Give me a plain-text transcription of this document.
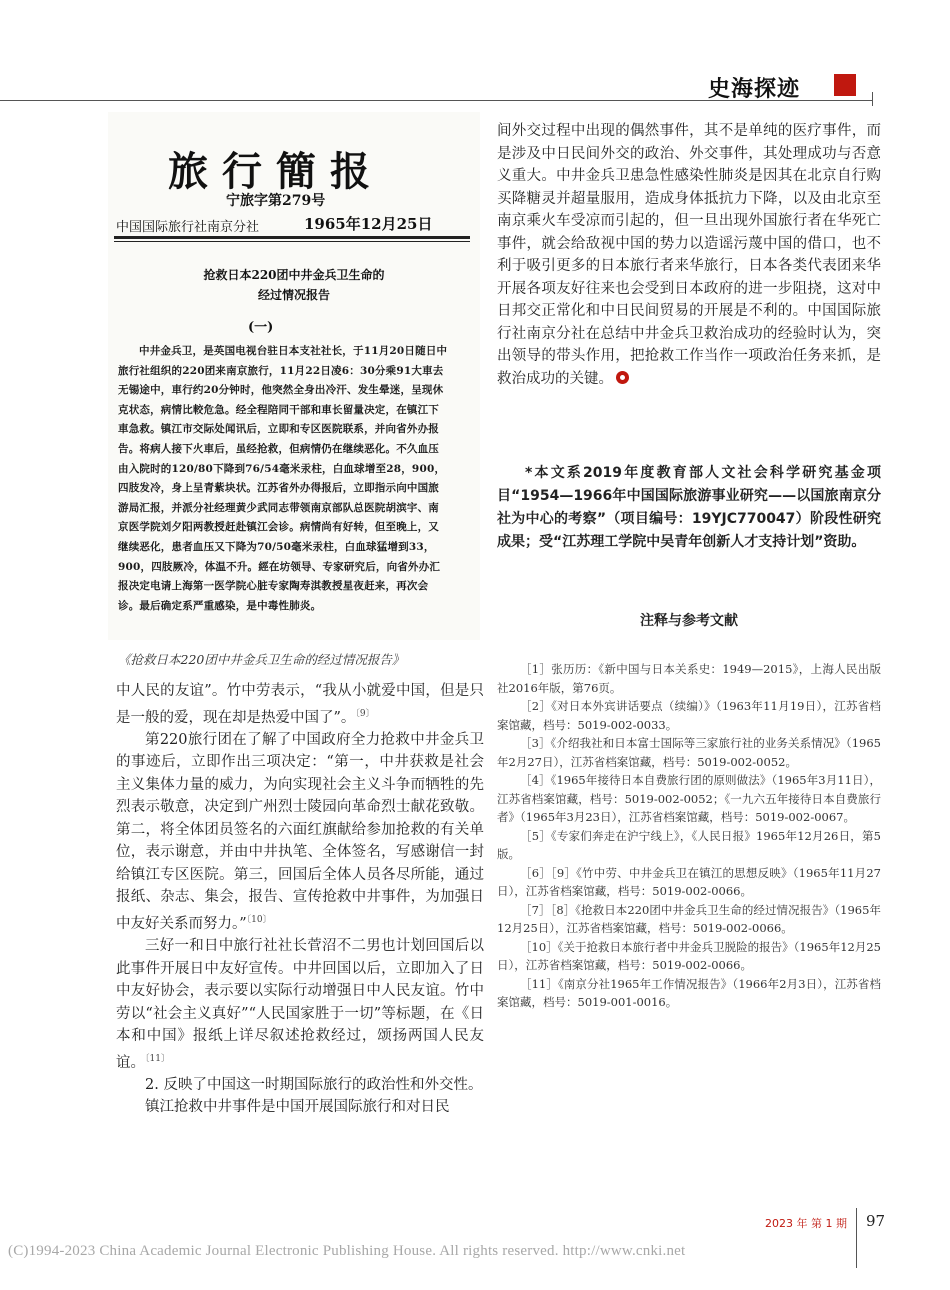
史海探迹
旅行簡报
宁旅字第279号
中国国际旅行社南京分社	1965年12月25日
抢救日本220团中井金兵卫生命的
经过情况报告
(一)
中井金兵卫，是英国电视台驻日本支社社长，于11月20日随日中旅行社组织的220团来南京旅行，11月22日凌6：30分乘91大車去无锡途中，車行约20分钟时，他突然全身出冷汗、发生晕迷，呈现休克状态，病情比較危急。经全程陪同干部和車长留量决定，在镇江下車急救。镇江市交际处闻讯后，立即和专区医院联系，并向省外办报告。将病人接下火車后，虽经抢救，但病情仍在继续恶化。不久血压由入院时的120/80下降到76/54毫米汞柱，白血球增至28，900，四肢发冷，身上呈青紫块状。江苏省外办得报后，立即指示向中国旅游局汇报，并派分社经理黄少武同志带领南京部队总医院胡滨宇、南京医学院刘夕阳两教授赶赴镇江会诊。病情尚有好转，但至晚上，又继续恶化，患者血压又下降为70/50毫米汞柱，白血球猛增到33，900，四肢厥冷，体温不升。經在坊领导、专家研究后，向省外办汇报决定电请上海第一医学院心脏专家陶寿淇教授星夜赶来，再次会诊。最后确定系严重感染，是中毒性肺炎。
《抢救日本220团中井金兵卫生命的经过情况报告》

中人民的友谊”。竹中劳表示，“我从小就爱中国，但是只是一般的爱，现在却是热爱中国了”。$^{〔9〕}$

第220旅行团在了解了中国政府全力抢救中井金兵卫的事迹后，立即作出三项决定：“第一，中井获救是社会主义集体力量的威力，为向实现社会主义斗争而牺牲的先烈表示敬意，决定到广州烈士陵园向革命烈士献花致敬。第二，将全体团员签名的六面红旗献给参加抢救的有关单位，表示谢意，并由中井执笔、全体签名，写感谢信一封给镇江专区医院。第三，回国后全体人员各尽所能，通过报纸、杂志、集会，报告、宣传抢救中井事件，为加强日中友好关系而努力。”$^{〔10〕}$

三好一和日中旅行社社长菅沼不二男也计划回国后以此事件开展日中友好宣传。中井回国以后，立即加入了日中友好协会，表示要以实际行动增强日中人民友谊。竹中劳以“社会主义真好”“人民国家胜于一切”等标题，在《日本和中国》报纸上详尽叙述抢救经过，颂扬两国人民友谊。$^{〔11〕}$

2. 反映了中国这一时期国际旅行的政治性和外交性。

镇江抢救中井事件是中国开展国际旅行和对日民

间外交过程中出现的偶然事件，其不是单纯的医疗事件，而是涉及中日民间外交的政治、外交事件，其处理成功与否意义重大。中井金兵卫患急性感染性肺炎是因其在北京自行购买降糖灵并超量服用，造成身体抵抗力下降，以及由北京至南京乘火车受凉而引起的，但一旦出现外国旅行者在华死亡事件，就会给敌视中国的势力以造谣污蔑中国的借口，也不利于吸引更多的日本旅行者来华旅行，日本各类代表团来华开展各项友好往来也会受到日本政府的进一步阻挠，这对中日邦交正常化和中日民间贸易的开展是不利的。中国国际旅行社南京分社在总结中井金兵卫救治成功的经验时认为，突出领导的带头作用，把抢救工作当作一项政治任务来抓，是救治成功的关键。

*本文系2019年度教育部人文社会科学研究基金项目“1954—1966年中国国际旅游事业研究——以国旅南京分社为中心的考察”（项目编号：19YJC770047）阶段性研究成果；受“江苏理工学院中吴青年创新人才支持计划”资助。
注释与参考文献

［1］张历历：《新中国与日本关系史：1949—2015》，上海人民出版社2016年版，第76页。

［2］《对日本外宾讲话要点（续编）》（1963年11月19日），江苏省档案馆藏，档号：5019-002-0033。

［3］《介绍我社和日本富士国际等三家旅行社的业务关系情况》（1965年2月27日），江苏省档案馆藏，档号：5019-002-0052。

［4］《1965年接待日本自费旅行团的原则做法》（1965年3月11日），江苏省档案馆藏，档号：5019-002-0052；《一九六五年接待日本自费旅行者》（1965年3月23日），江苏省档案馆藏，档号：5019-002-0067。

［5］《专家们奔走在沪宁线上》，《人民日报》1965年12月26日，第5版。

［6］［9］《竹中劳、中井金兵卫在镇江的思想反映》（1965年11月27日），江苏省档案馆藏，档号：5019-002-0066。

［7］［8］《抢救日本220团中井金兵卫生命的经过情况报告》（1965年12月25日），江苏省档案馆藏，档号：5019-002-0066。

［10］《关于抢救日本旅行者中井金兵卫脱险的报告》（1965年12月25日），江苏省档案馆藏，档号：5019-002-0066。

［11］《南京分社1965年工作情况报告》（1966年2月3日），江苏省档案馆藏，档号：5019-001-0016。

2023 年 第 1 期 97
(C)1994-2023 China Academic Journal Electronic Publishing House. All rights reserved. http://www.cnki.net
